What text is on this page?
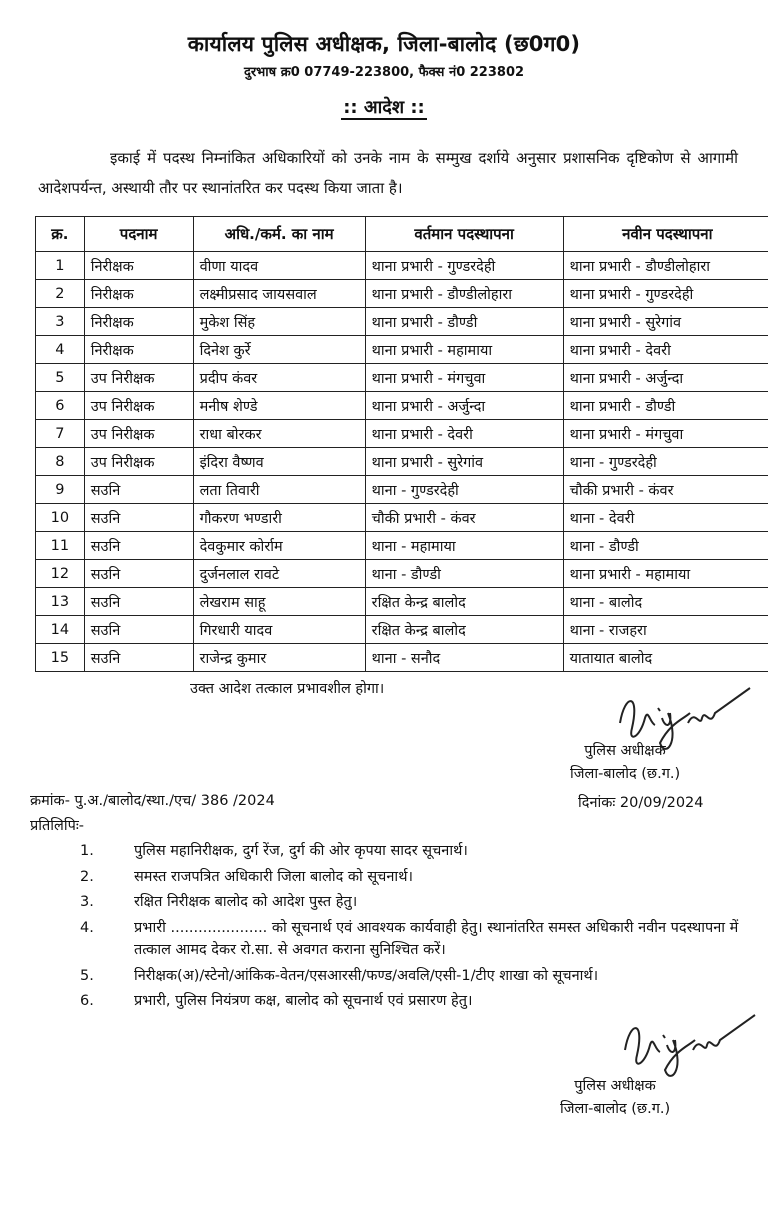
कार्यालय पुलिस अधीक्षक, जिला-बालोद (छ0ग0)
दुरभाष क्र0 07749-223800, फैक्स नं0 223802
:: आदेश ::
इकाई में पदस्थ निम्नांकित अधिकारियों को उनके नाम के सम्मुख दर्शाये अनुसार प्रशासनिक दृष्टिकोण से आगामी आदेशपर्यन्त, अस्थायी तौर पर स्थानांतरित कर पदस्थ किया जाता है।
क्र.	पदनाम	अधि./कर्म. का नाम	वर्तमान पदस्थापना	नवीन पदस्थापना
1	निरीक्षक	वीणा यादव	थाना प्रभारी - गुण्डरदेही	थाना प्रभारी - डौण्डीलोहारा
2	निरीक्षक	लक्ष्मीप्रसाद जायसवाल	थाना प्रभारी - डौण्डीलोहारा	थाना प्रभारी - गुण्डरदेही
3	निरीक्षक	मुकेश सिंह	थाना प्रभारी - डौण्डी	थाना प्रभारी - सुरेगांव
4	निरीक्षक	दिनेश कुर्रे	थाना प्रभारी - महामाया	थाना प्रभारी - देवरी
5	उप निरीक्षक	प्रदीप कंवर	थाना प्रभारी - मंगचुवा	थाना प्रभारी - अर्जुन्दा
6	उप निरीक्षक	मनीष शेण्डे	थाना प्रभारी - अर्जुन्दा	थाना प्रभारी - डौण्डी
7	उप निरीक्षक	राधा बोरकर	थाना प्रभारी - देवरी	थाना प्रभारी - मंगचुवा
8	उप निरीक्षक	इंदिरा वैष्णव	थाना प्रभारी - सुरेगांव	थाना - गुण्डरदेही
9	सउनि	लता तिवारी	थाना - गुण्डरदेही	चौकी प्रभारी - कंवर
10	सउनि	गौकरण भण्डारी	चौकी प्रभारी - कंवर	थाना - देवरी
11	सउनि	देवकुमार कोर्राम	थाना - महामाया	थाना - डौण्डी
12	सउनि	दुर्जनलाल रावटे	थाना - डौण्डी	थाना प्रभारी - महामाया
13	सउनि	लेखराम साहू	रक्षित केन्द्र बालोद	थाना - बालोद
14	सउनि	गिरधारी यादव	रक्षित केन्द्र बालोद	थाना - राजहरा
15	सउनि	राजेन्द्र कुमार	थाना - सनौद	यातायात बालोद
उक्त आदेश तत्काल प्रभावशील होगा।
पुलिस अधीक्षक
जिला-बालोद (छ.ग.)
क्रमांक- पु.अ./बालोद/स्था./एच/ 386 /2024	दिनांकः 20/09/2024
प्रतिलिपिः-
1.	पुलिस महानिरीक्षक, दुर्ग रेंज, दुर्ग की ओर कृपया सादर सूचनार्थ।
2.	समस्त राजपत्रित अधिकारी जिला बालोद को सूचनार्थ।
3.	रक्षित निरीक्षक बालोद को आदेश पुस्त हेतु।
4.	प्रभारी ..................... को सूचनार्थ एवं आवश्यक कार्यवाही हेतु। स्थानांतरित समस्त अधिकारी नवीन पदस्थापना में तत्काल आमद देकर रो.सा. से अवगत कराना सुनिश्चित करें।
5.	निरीक्षक(अ)/स्टेनो/आंकिक-वेतन/एसआरसी/फण्ड/अवलि/एसी-1/टीए शाखा को सूचनार्थ।
6.	प्रभारी, पुलिस नियंत्रण कक्ष, बालोद को सूचनार्थ एवं प्रसारण हेतु।
पुलिस अधीक्षक
जिला-बालोद (छ.ग.)
